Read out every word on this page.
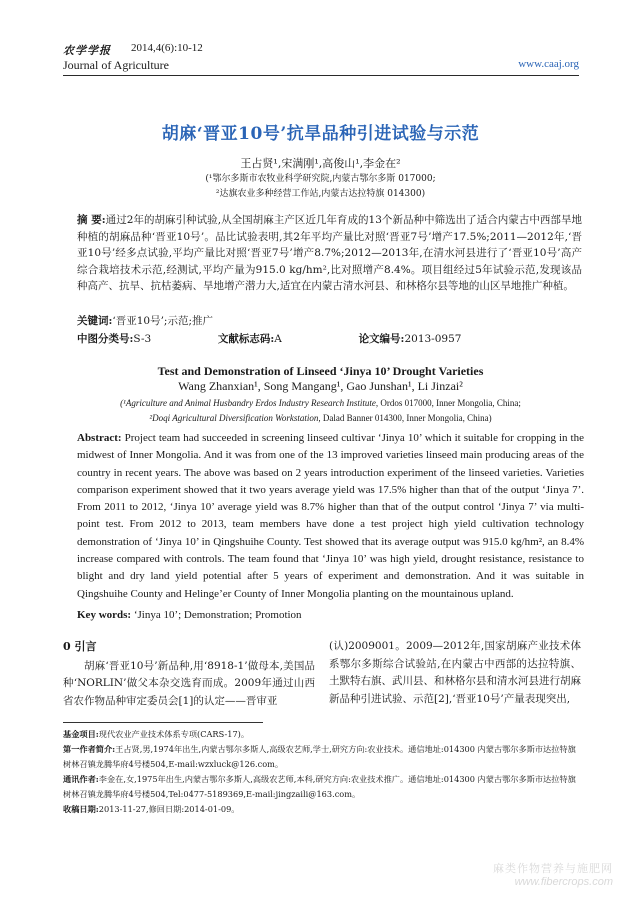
农学学报 2014,4(6):10-12
Journal of Agriculture	www.caaj.org
胡麻‘晋亚10号’抗旱品种引进试验与示范
王占贤¹,宋满刚¹,高俊山¹,李金在²
(¹鄂尔多斯市农牧业科学研究院,内蒙古鄂尔多斯 017000;
²达旗农业多种经营工作站,内蒙古达拉特旗 014300)
摘 要:通过2年的胡麻引种试验,从全国胡麻主产区近几年育成的13个新品种中筛选出了适合内蒙古中西部旱地种植的胡麻品种‘晋亚10号’。品比试验表明,其2年平均产量比对照‘晋亚7号’增产17.5%;2011—2012年,‘晋亚10号’经多点试验,平均产量比对照‘晋亚7号’增产8.7%;2012—2013年,在清水河县进行了‘晋亚10号’高产综合栽培技术示范,经测试,平均产量为915.0 kg/hm²,比对照增产8.4%。项目组经过5年试验示范,发现该品种高产、抗旱、抗枯萎病、旱地增产潜力大,适宜在内蒙古清水河县、和林格尔县等地的山区旱地推广种植。
关键词:‘晋亚10号’;示范;推广
中图分类号:S-3	文献标志码:A	论文编号:2013-0957
Test and Demonstration of Linseed ‘Jinya 10’ Drought Varieties
Wang Zhanxian¹, Song Mangang¹, Gao Junshan¹, Li Jinzai²
(¹Agriculture and Animal Husbandry Erdos Industry Research Institute, Ordos 017000, Inner Mongolia, China;
²Doqi Agricultural Diversification Workstation, Dalad Banner 014300, Inner Mongolia, China)
Abstract: Project team had succeeded in screening linseed cultivar ‘Jinya 10’ which it suitable for cropping in the midwest of Inner Mongolia. And it was from one of the 13 improved varieties linseed main producing areas of the country in recent years. The above was based on 2 years introduction experiment of the linseed varieties. Varieties comparison experiment showed that it two years average yield was 17.5% higher than that of the output ‘Jinya 7’. From 2011 to 2012, ‘Jinya 10’ average yield was 8.7% higher than that of the output control ‘Jinya 7’ via multi-point test. From 2012 to 2013, team members have done a test project high yield cultivation technology demonstration of ‘Jinya 10’ in Qingshuihe County. Test showed that its average output was 915.0 kg/hm², an 8.4% increase compared with controls. The team found that ‘Jinya 10’ was high yield, drought resistance, resistance to blight and dry land yield potential after 5 years of experiment and demonstration. And it was suitable in Qingshuihe County and Helinge’er County of Inner Mongolia planting on the mountainous upland.
Key words: ‘Jinya 10’; Demonstration; Promotion
0 引言

胡麻‘晋亚10号’新品种,用‘8918-1’做母本,美国品种‘NORLIN’做父本杂交选育而成。2009年通过山西省农作物品种审定委员会[1]的认定——晋审亚

(认)2009001。2009—2012年,国家胡麻产业技术体系鄂尔多斯综合试验站,在内蒙古中西部的达拉特旗、土默特右旗、武川县、和林格尔县和清水河县进行胡麻新品种引进试验、示范[2],‘晋亚10号’产量表现突出,

基金项目:现代农业产业技术体系专项(CARS-17)。
第一作者简介:王占贤,男,1974年出生,内蒙古鄂尔多斯人,高级农艺师,学士,研究方向:农业技术。通信地址:014300 内蒙古鄂尔多斯市达拉特旗树林召镇龙腾华府4号楼504,E-mail:wzxluck@126.com。
通讯作者:李金在,女,1975年出生,内蒙古鄂尔多斯人,高级农艺师,本科,研究方向:农业技术推广。通信地址:014300 内蒙古鄂尔多斯市达拉特旗树林召镇龙腾华府4号楼504,Tel:0477-5189369,E-mail:jingzaili@163.com。
收稿日期:2013-11-27,修回日期:2014-01-09。
麻类作物营养与施肥网
www.fibercrops.com
